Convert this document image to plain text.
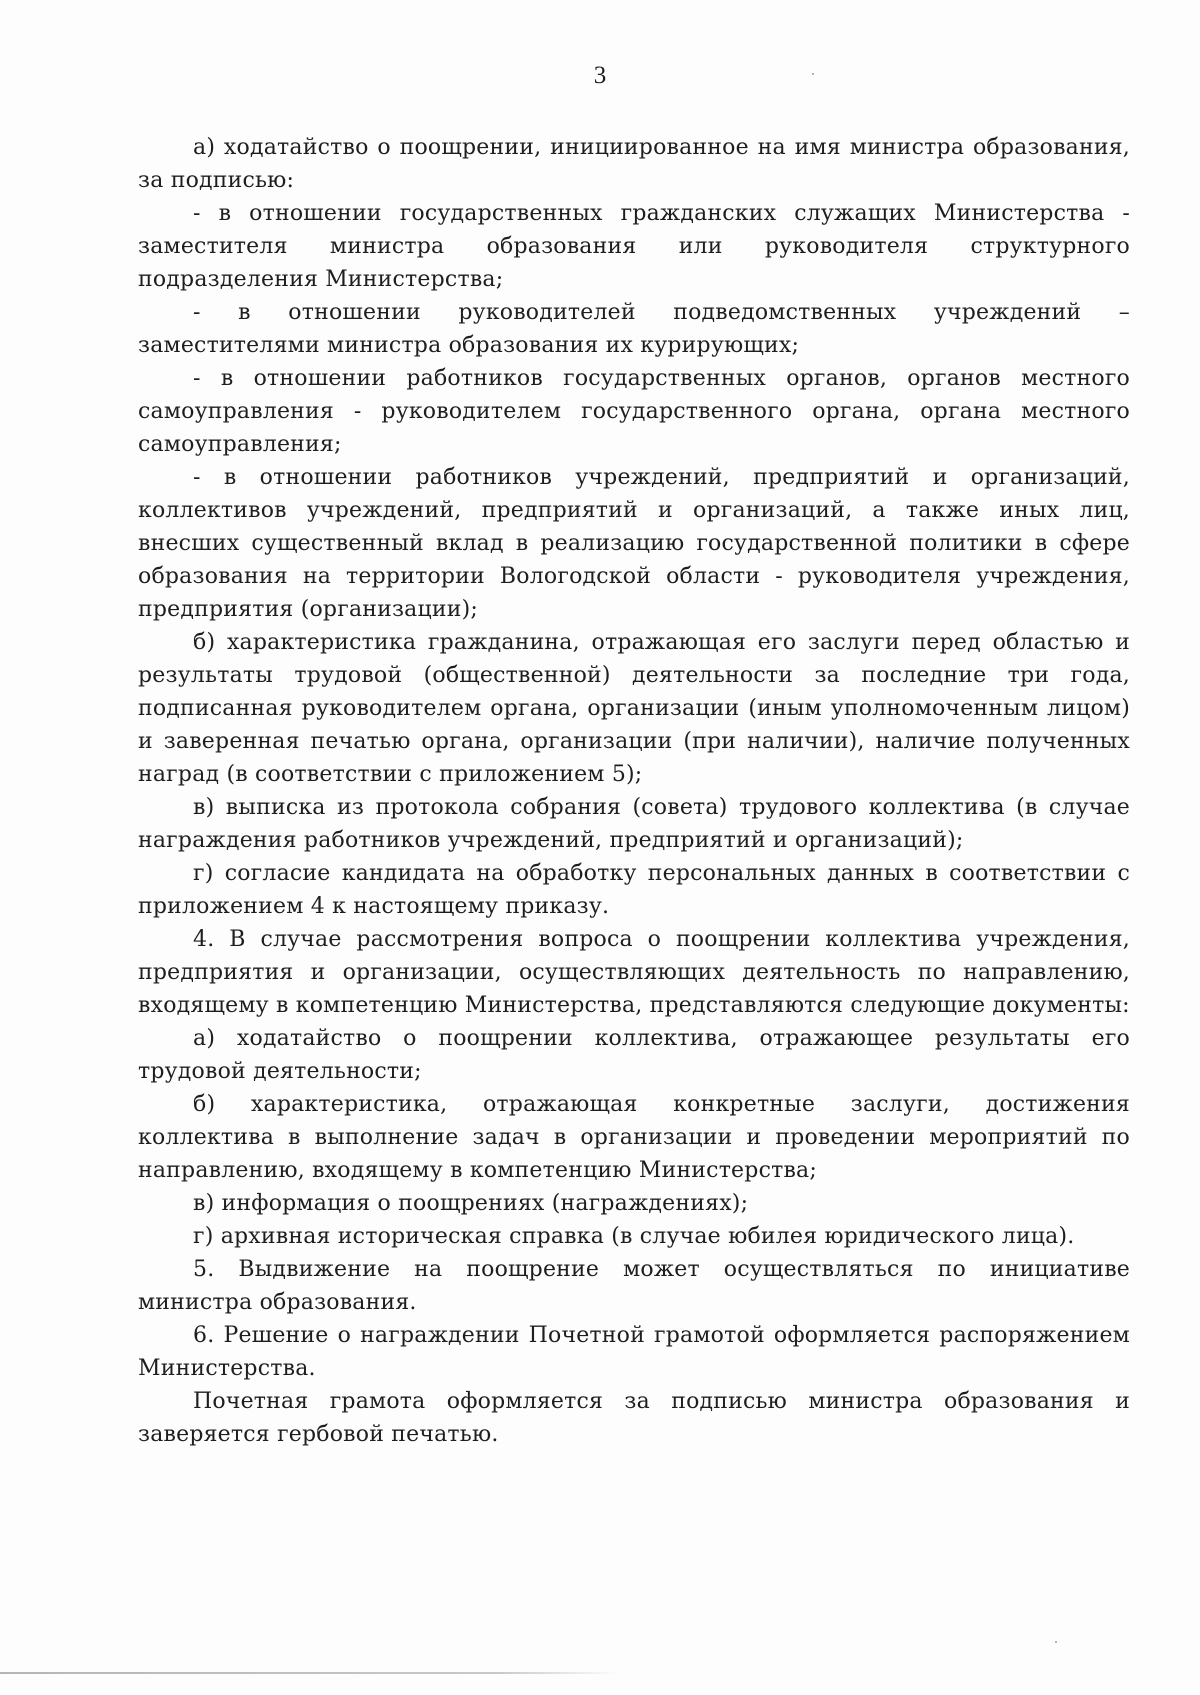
3

а) ходатайство о поощрении, инициированное на имя министра образования, за подписью:

- в отношении государственных гражданских служащих Министерства - заместителя министра образования или руководителя структурного подразделения Министерства;

- в отношении руководителей подведомственных учреждений – заместителями министра образования их курирующих;

- в отношении работников государственных органов, органов местного самоуправления - руководителем государственного органа, органа местного самоуправления;

- в отношении работников учреждений, предприятий и организаций, коллективов учреждений, предприятий и организаций, а также иных лиц, внесших существенный вклад в реализацию государственной политики в сфере образования на территории Вологодской области - руководителя учреждения, предприятия (организации);

б) характеристика гражданина, отражающая его заслуги перед областью и результаты трудовой (общественной) деятельности за последние три года, подписанная руководителем органа, организации (иным уполномоченным лицом) и заверенная печатью органа, организации (при наличии), наличие полученных наград (в соответствии с приложением 5);

в) выписка из протокола собрания (совета) трудового коллектива (в случае награждения работников учреждений, предприятий и организаций);

г) согласие кандидата на обработку персональных данных в соответствии с приложением 4 к настоящему приказу.

4. В случае рассмотрения вопроса о поощрении коллектива учреждения, предприятия и организации, осуществляющих деятельность по направлению, входящему в компетенцию Министерства, представляются следующие документы:

а) ходатайство о поощрении коллектива, отражающее результаты его трудовой деятельности;

б) характеристика, отражающая конкретные заслуги, достижения коллектива в выполнение задач в организации и проведении мероприятий по направлению, входящему в компетенцию Министерства;

в) информация о поощрениях (награждениях);

г) архивная историческая справка (в случае юбилея юридического лица).

5. Выдвижение на поощрение может осуществляться по инициативе министра образования.

6. Решение о награждении Почетной грамотой оформляется распоряжением Министерства.

Почетная грамота оформляется за подписью министра образования и заверяется гербовой печатью.
